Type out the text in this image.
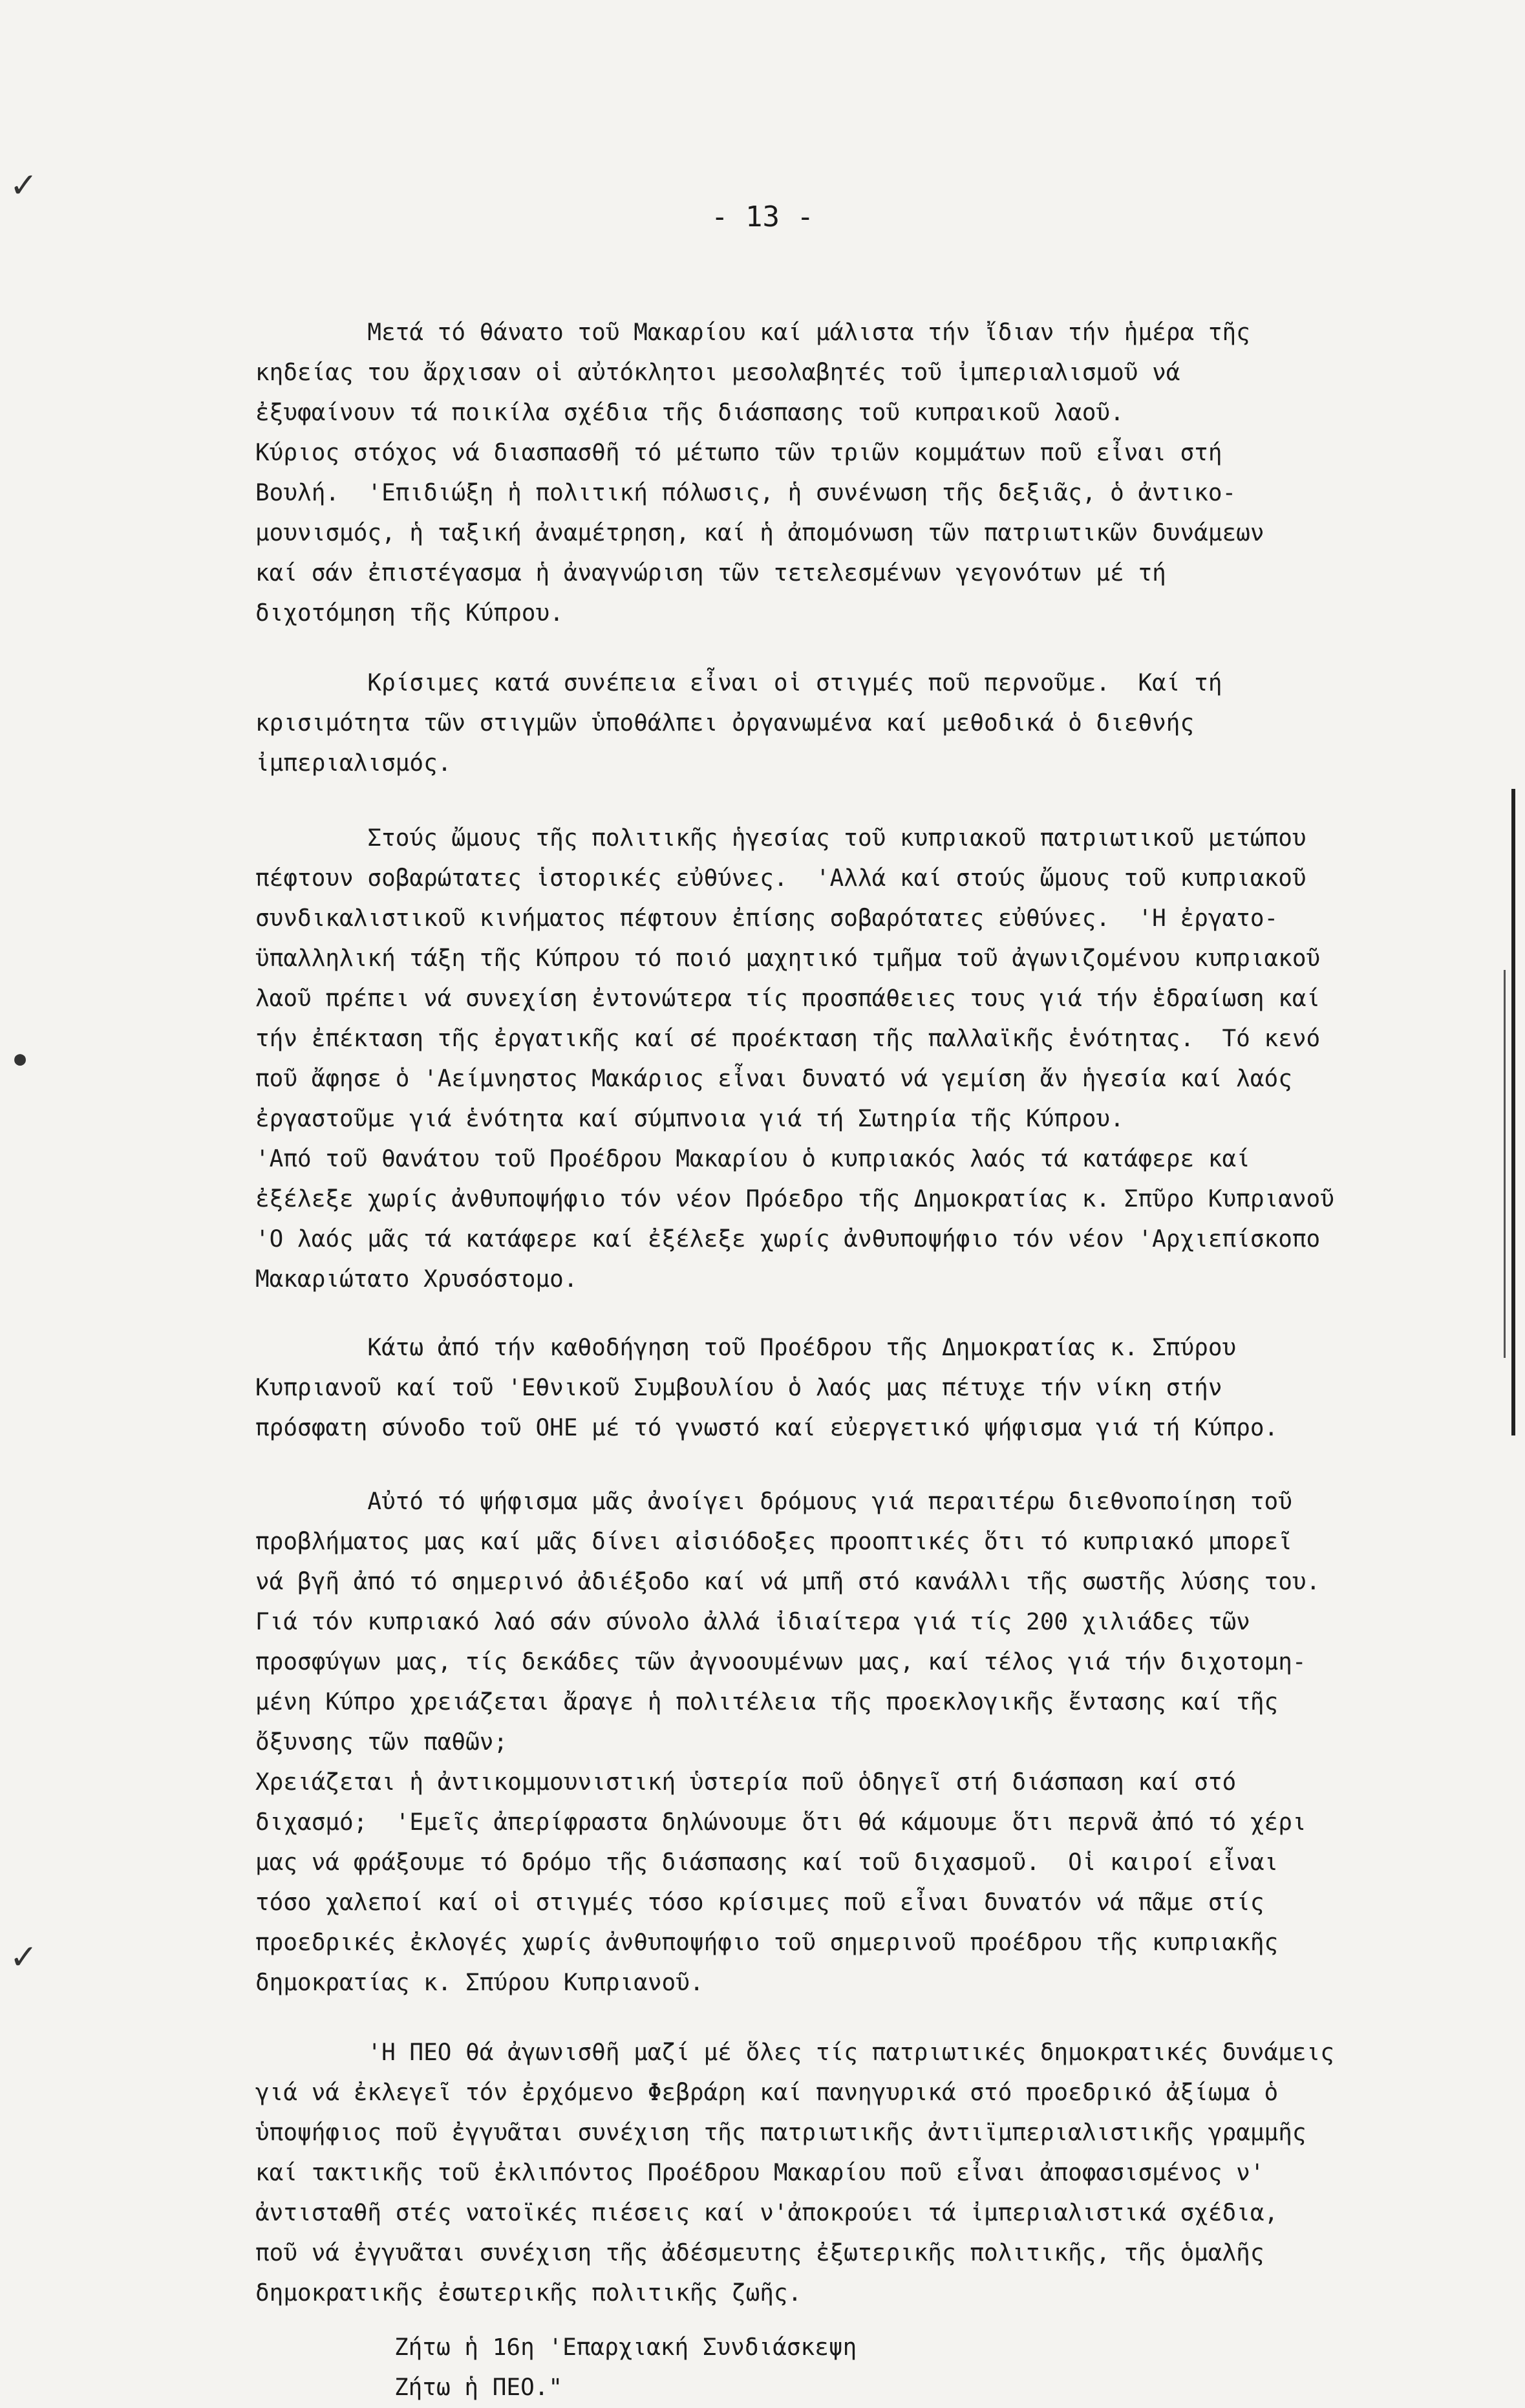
- 13 -
Μετά τό θάνατο τοῦ Μακαρίου καί μάλιστα τήν ἴδιαν τήν ἡμέρα τῆς
κηδείας του ἄρχισαν οἱ αὐτόκλητοι μεσολαβητές τοῦ ἰμπεριαλισμοῦ νά
ἐξυφαίνουν τά ποικίλα σχέδια τῆς διάσπασης τοῦ κυπραικοῦ λαοῦ.
Κύριος στόχος νά διασπασθῆ τό μέτωπο τῶν τριῶν κομμάτων ποῦ εἶναι στή
Βουλή.  'Επιδιώξη ἡ πολιτική πόλωσις, ἡ συνένωση τῆς δεξιᾶς, ὁ ἀντικο-
μουνισμός, ἡ ταξική ἀναμέτρηση, καί ἡ ἀπομόνωση τῶν πατριωτικῶν δυνάμεων
καί σάν ἐπιστέγασμα ἡ ἀναγνώριση τῶν τετελεσμένων γεγονότων μέ τή
διχοτόμηση τῆς Κύπρου.
Κρίσιμες κατά συνέπεια εἶναι οἱ στιγμές ποῦ περνοῦμε.  Καί τή
κρισιμότητα τῶν στιγμῶν ὑποθάλπει ὀργανωμένα καί μεθοδικά ὁ διεθνής
ἰμπεριαλισμός.
Στούς ὤμους τῆς πολιτικῆς ἡγεσίας τοῦ κυπριακοῦ πατριωτικοῦ μετώπου
πέφτουν σοβαρώτατες ἱστορικές εὐθύνες.  'Αλλά καί στούς ὤμους τοῦ κυπριακοῦ
συνδικαλιστικοῦ κινήματος πέφτουν ἐπίσης σοβαρότατες εὐθύνες.  'Η ἐργατο-
ϋπαλληλική τάξη τῆς Κύπρου τό ποιό μαχητικό τμῆμα τοῦ ἀγωνιζομένου κυπριακοῦ
λαοῦ πρέπει νά συνεχίση ἐντονώτερα τίς προσπάθειες τους γιά τήν ἑδραίωση καί
τήν ἐπέκταση τῆς ἐργατικῆς καί σέ προέκταση τῆς παλλαϊκῆς ἑνότητας.  Τό κενό
ποῦ ἄφησε ὁ 'Αείμνηστος Μακάριος εἶναι δυνατό νά γεμίση ἄν ἡγεσία καί λαός
ἐργαστοῦμε γιά ἑνότητα καί σύμπνοια γιά τή Σωτηρία τῆς Κύπρου.
'Από τοῦ θανάτου τοῦ Προέδρου Μακαρίου ὁ κυπριακός λαός τά κατάφερε καί
ἐξέλεξε χωρίς ἀνθυποψήφιο τόν νέον Πρόεδρο τῆς Δημοκρατίας κ. Σπῦρο Κυπριανοῦ
'Ο λαός μᾶς τά κατάφερε καί ἐξέλεξε χωρίς ἀνθυποψήφιο τόν νέον 'Αρχιεπίσκοπο
Μακαριώτατο Χρυσόστομο.
Κάτω ἀπό τήν καθοδήγηση τοῦ Προέδρου τῆς Δημοκρατίας κ. Σπύρου
Κυπριανοῦ καί τοῦ 'Εθνικοῦ Συμβουλίου ὁ λαός μας πέτυχε τήν νίκη στήν
πρόσφατη σύνοδο τοῦ ΟΗΕ μέ τό γνωστό καί εὐεργετικό ψήφισμα γιά τή Κύπρο.
Αὐτό τό ψήφισμα μᾶς ἀνοίγει δρόμους γιά περαιτέρω διεθνοποίηση τοῦ
προβλήματος μας καί μᾶς δίνει αἰσιόδοξες προοπτικές ὅτι τό κυπριακό μπορεῖ
νά βγῆ ἀπό τό σημερινό ἀδιέξοδο καί νά μπῆ στό κανάλλι τῆς σωστῆς λύσης του.
Γιά τόν κυπριακό λαό σάν σύνολο ἀλλά ἰδιαίτερα γιά τίς 200 χιλιάδες τῶν
προσφύγων μας, τίς δεκάδες τῶν ἀγνοουμένων μας, καί τέλος γιά τήν διχοτομη-
μένη Κύπρο χρειάζεται ἄραγε ἡ πολιτέλεια τῆς προεκλογικῆς ἔντασης καί τῆς
ὄξυνσης τῶν παθῶν;
Χρειάζεται ἡ ἀντικομμουνιστική ὑστερία ποῦ ὁδηγεῖ στή διάσπαση καί στό
διχασμό;  'Εμεῖς ἀπερίφραστα δηλώνουμε ὅτι θά κάμουμε ὅτι περνᾶ ἀπό τό χέρι
μας νά φράξουμε τό δρόμο τῆς διάσπασης καί τοῦ διχασμοῦ.  Οἱ καιροί εἶναι
τόσο χαλεποί καί οἱ στιγμές τόσο κρίσιμες ποῦ εἶναι δυνατόν νά πᾶμε στίς
προεδρικές ἐκλογές χωρίς ἀνθυποψήφιο τοῦ σημερινοῦ προέδρου τῆς κυπριακῆς
δημοκρατίας κ. Σπύρου Κυπριανοῦ.
'Η ΠΕΟ θά ἀγωνισθῆ μαζί μέ ὅλες τίς πατριωτικές δημοκρατικές δυνάμεις
γιά νά ἐκλεγεῖ τόν ἐρχόμενο Φεβράρη καί πανηγυρικά στό προεδρικό ἀξίωμα ὁ
ὑποψήφιος ποῦ ἐγγυᾶται συνέχιση τῆς πατριωτικῆς ἀντιϊμπεριαλιστικῆς γραμμῆς
καί τακτικῆς τοῦ ἐκλιπόντος Προέδρου Μακαρίου ποῦ εἶναι ἀποφασισμένος ν'
ἀντισταθῆ στές νατοϊκές πιέσεις καί ν'ἀποκρούει τά ἰμπεριαλιστικά σχέδια,
ποῦ νά ἐγγυᾶται συνέχιση τῆς ἀδέσμευτης ἐξωτερικῆς πολιτικῆς, τῆς ὁμαλῆς
δημοκρατικῆς ἐσωτερικῆς πολιτικῆς ζωῆς.
Ζήτω ἡ 16η 'Επαρχιακή Συνδιάσκεψη
Ζήτω ἡ ΠΕΟ."
✓
✓
●
